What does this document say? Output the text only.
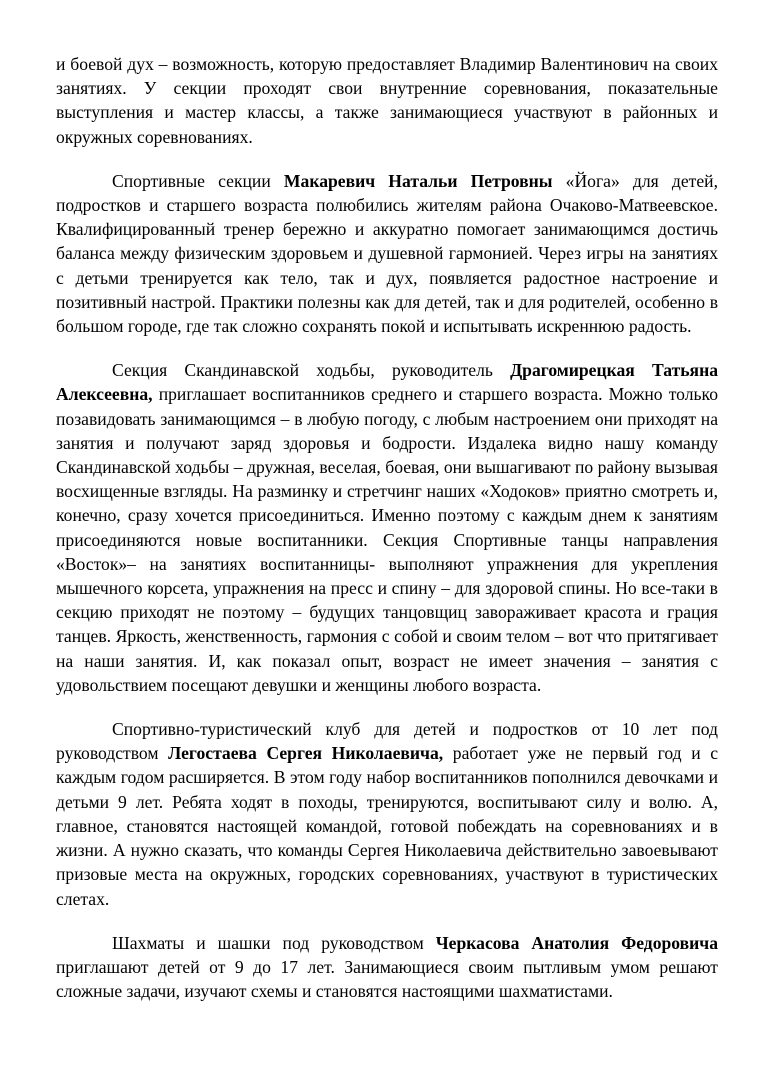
и боевой дух – возможность, которую предоставляет Владимир Валентинович на своих занятиях. У секции проходят свои внутренние соревнования, показательные выступления и мастер классы, а также занимающиеся участвуют в районных и окружных соревнованиях.

Спортивные секции Макаревич Натальи Петровны «Йога» для детей, подростков и старшего возраста полюбились жителям района Очаково-Матвеевское. Квалифицированный тренер бережно и аккуратно помогает занимающимся достичь баланса между физическим здоровьем и душевной гармонией. Через игры на занятиях с детьми тренируется как тело, так и дух, появляется радостное настроение и позитивный настрой. Практики полезны как для детей, так и для родителей, особенно в большом городе, где так сложно сохранять покой и испытывать искреннюю радость.

Секция Скандинавской ходьбы, руководитель Драгомирецкая Татьяна Алексеевна, приглашает воспитанников среднего и старшего возраста. Можно только позавидовать занимающимся – в любую погоду, с любым настроением они приходят на занятия и получают заряд здоровья и бодрости. Издалека видно нашу команду Скандинавской ходьбы – дружная, веселая, боевая, они вышагивают по району вызывая восхищенные взгляды. На разминку и стретчинг наших «Ходоков» приятно смотреть и, конечно, сразу хочется присоединиться. Именно поэтому с каждым днем к занятиям присоединяются новые воспитанники. Секция Спортивные танцы направления «Восток»– на занятиях воспитанницы- выполняют упражнения для укрепления мышечного корсета, упражнения на пресс и спину – для здоровой спины. Но все-таки в секцию приходят не поэтому – будущих танцовщиц завораживает красота и грация танцев. Яркость, женственность, гармония с собой и своим телом – вот что притягивает на наши занятия. И, как показал опыт, возраст не имеет значения – занятия с удовольствием посещают девушки и женщины любого возраста.

Спортивно-туристический клуб для детей и подростков от 10 лет под руководством Легостаева Сергея Николаевича, работает уже не первый год и с каждым годом расширяется. В этом году набор воспитанников пополнился девочками и детьми 9 лет. Ребята ходят в походы, тренируются, воспитывают силу и волю. А, главное, становятся настоящей командой, готовой побеждать на соревнованиях и в жизни. А нужно сказать, что команды Сергея Николаевича действительно завоевывают призовые места на окружных, городских соревнованиях, участвуют в туристических слетах.

Шахматы и шашки под руководством Черкасова Анатолия Федоровича приглашают детей от 9 до 17 лет. Занимающиеся своим пытливым умом решают сложные задачи, изучают схемы и становятся настоящими шахматистами.
